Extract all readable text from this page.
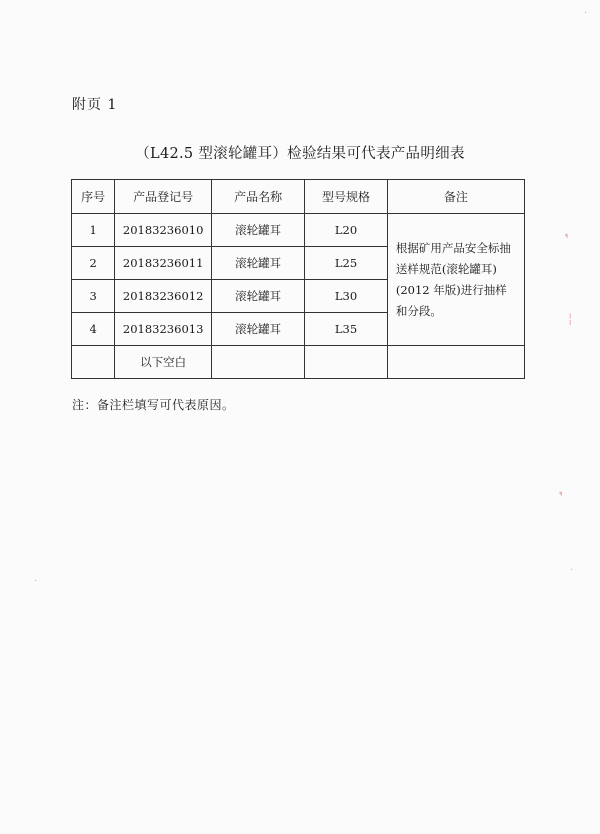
附页 1
（L42.5 型滚轮罐耳）检验结果可代表产品明细表
序号	产品登记号	产品名称	型号规格	备注
1	20183236010	滚轮罐耳	L20	根据矿用产品安全标抽送样规范(滚轮罐耳)(2012 年版)进行抽样和分段。
2	20183236011	滚轮罐耳	L25	
3	20183236012	滚轮罐耳	L30	
4	20183236013	滚轮罐耳	L35	
	以下空白			
注：备注栏填写可代表原因。
❜
¦
❜
·
·
·
